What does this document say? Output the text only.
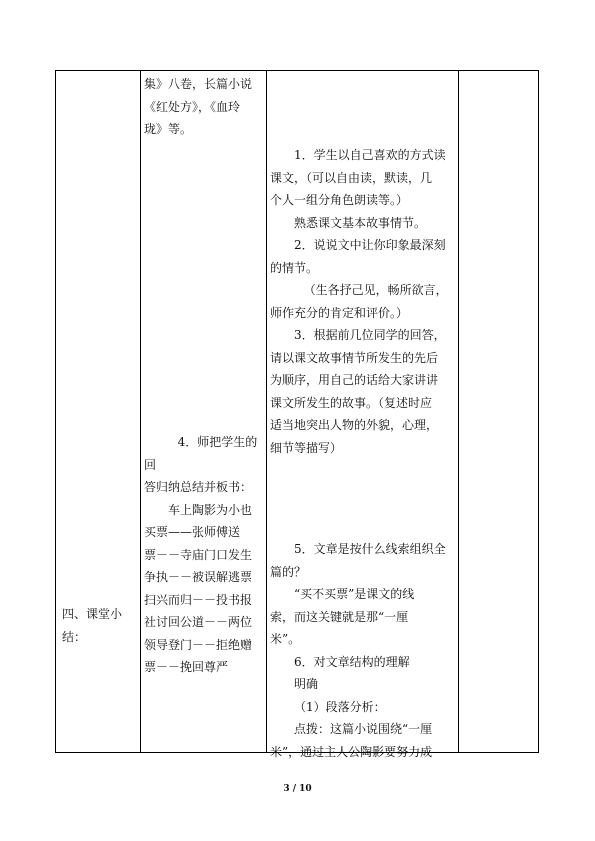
四、课堂小结：

集》八卷，长篇小说

《红处方》，《血玲

珑》等。

4．师把学生的回

答归纳总结并板书：

车上陶影为小也

买票——张师傅送

票－－寺庙门口发生

争执－－被误解逃票

扫兴而归－－投书报

社讨回公道－－两位

领导登门－－拒绝赠

票－－挽回尊严

1．学生以自己喜欢的方式读

课文，（可以自由读，默读，几

个人一组分角色朗读等。）

熟悉课文基本故事情节。

2．说说文中让你印象最深刻

的情节。

（生各抒己见，畅所欲言，

师作充分的肯定和评价。）

3．根据前几位同学的回答，

请以课文故事情节所发生的先后

为顺序，用自己的话给大家讲讲

课文所发生的故事。（复述时应

适当地突出人物的外貌，心理，

细节等描写）

5．文章是按什么线索组织全

篇的？

“买不买票”是课文的线

索，而这关键就是那“一厘

米”。

6．对文章结构的理解

明确

（1）段落分析：

点拨：这篇小说围绕“一厘

米”，通过主人公陶影要努力成

3 / 10
